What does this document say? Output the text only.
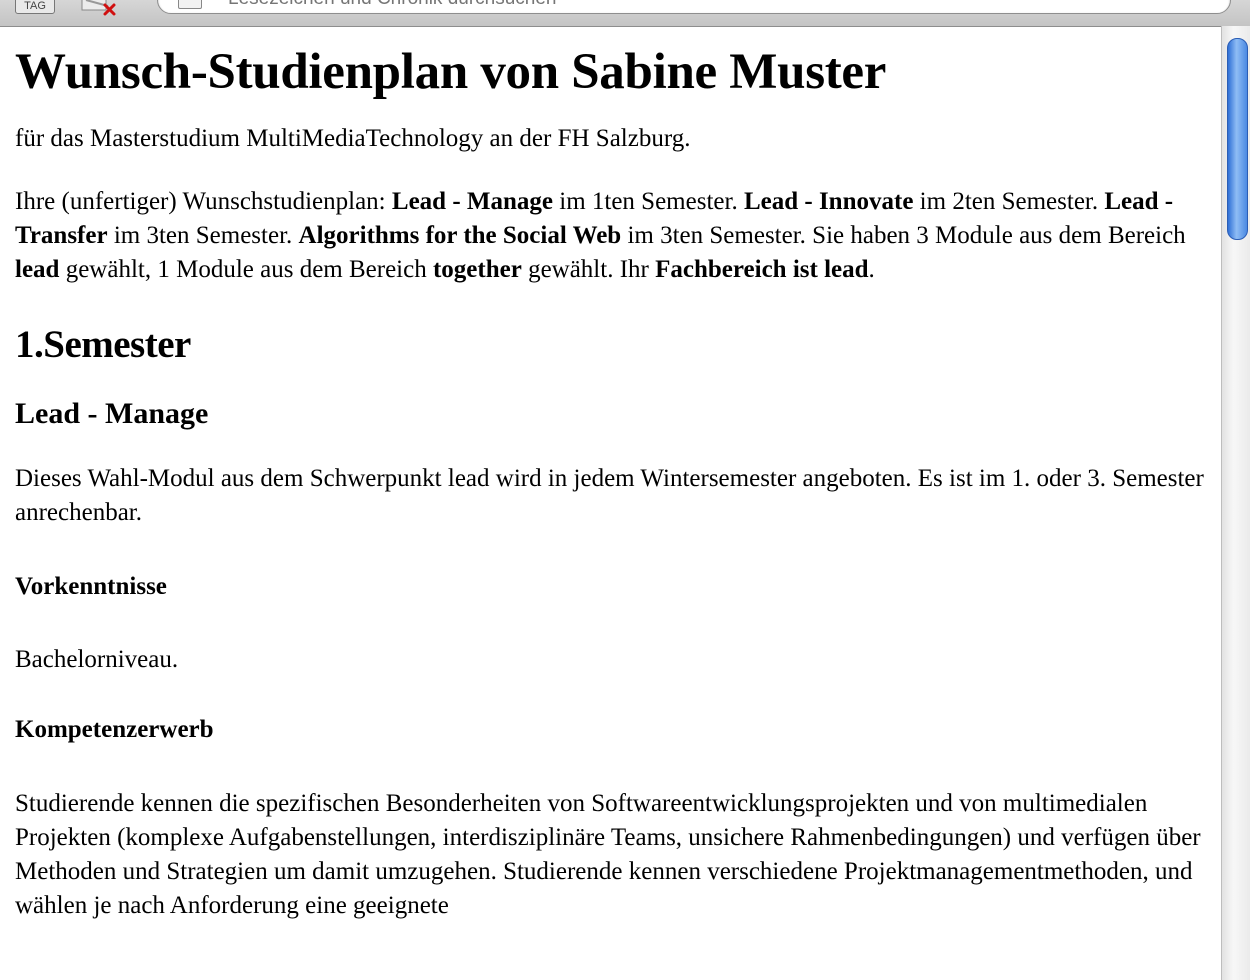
TAG
Lesezeichen und Chronik durchsuchen
Wunsch-Studienplan von Sabine Muster

für das Masterstudium MultiMediaTechnology an der FH Salzburg.

Ihre (unfertiger) Wunschstudienplan: Lead - Manage im 1ten Semester. Lead - Innovate im 2ten Semester. Lead - Transfer im 3ten Semester. Algorithms for the Social Web im 3ten Semester. Sie haben 3 Module aus dem Bereich lead gewählt, 1 Module aus dem Bereich together gewählt. Ihr Fachbereich ist lead.

1.Semester
Lead - Manage

Dieses Wahl-Modul aus dem Schwerpunkt lead wird in jedem Wintersemester angeboten. Es ist im 1. oder 3. Semester anrechenbar.

Vorkenntnisse

Bachelorniveau.

Kompetenzerwerb

Studierende kennen die spezifischen Besonderheiten von Softwareentwicklungsprojekten und von multimedialen Projekten (komplexe Aufgabenstellungen, interdisziplinäre Teams, unsichere Rahmenbedingungen) und verfügen über Methoden und Strategien um damit umzugehen. Studierende kennen verschiedene Projektmanagementmethoden, und wählen je nach Anforderung eine geeignete
